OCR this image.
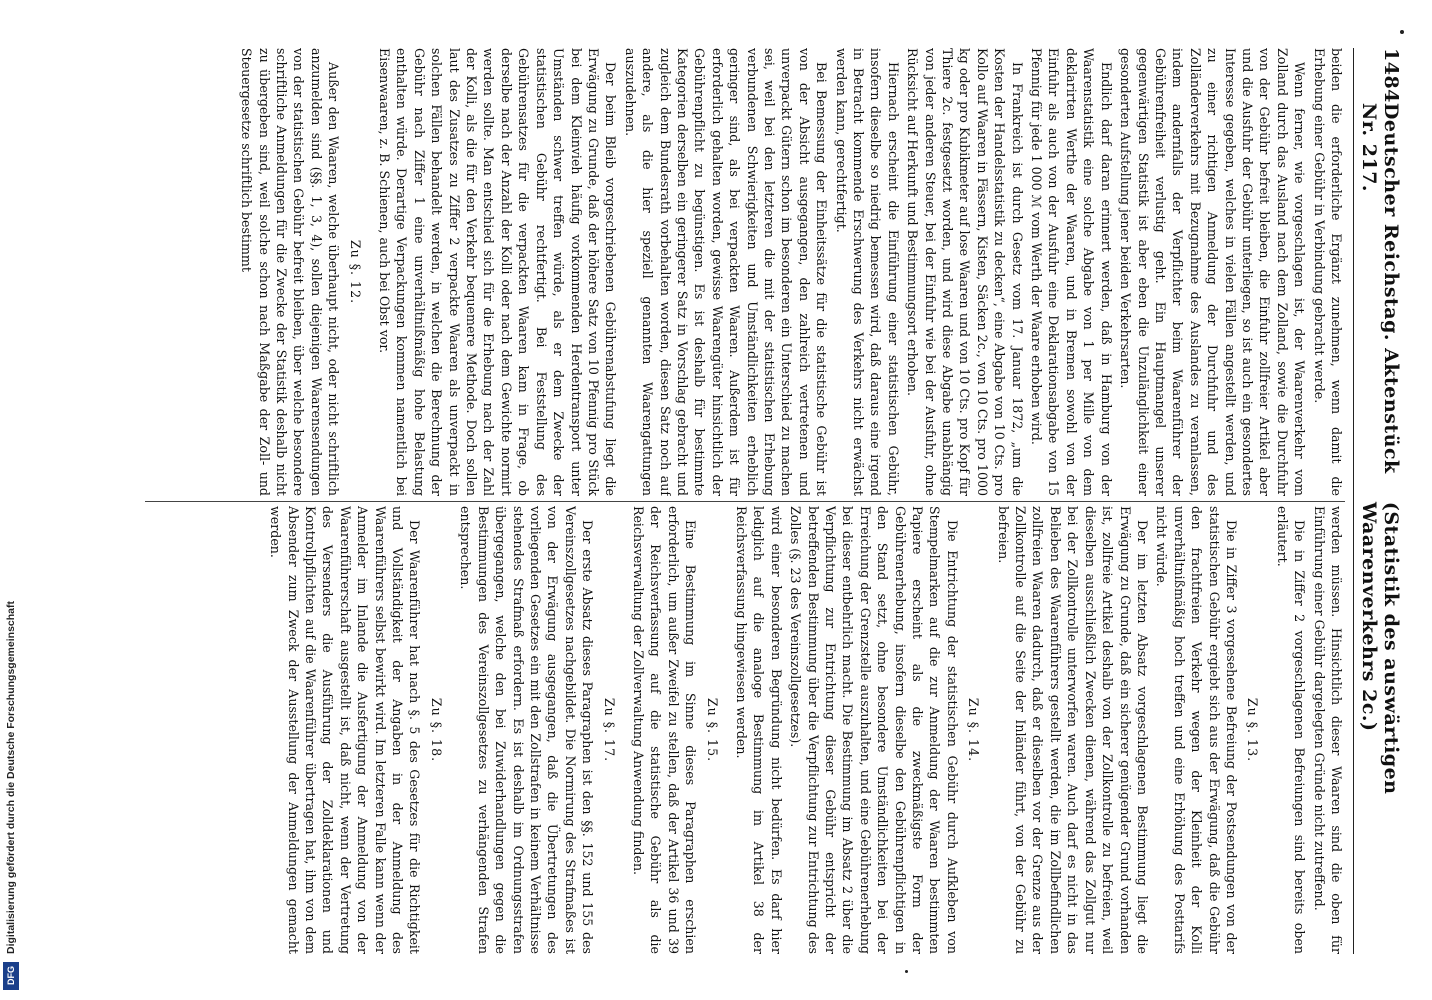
Digitalisierung gefördert durch die Deutsche Forschungsgemeinschaft
DFG
1484
Deutscher Reichstag. Aktenstück Nr. 217.
(Statistik des auswärtigen Waarenverkehrs 2c.)

beiden die erforderliche Ergänzt zunehmen, wenn damit die Erhebung einer Gebühr in Verbindung gebracht werde.

Wenn ferner, wie vorgeschlagen ist, der Waarenverkehr vom Zolland durch das Ausland nach dem Zolland, sowie die Durchfuhr von der Gebühr befreit bleiben, die Einfuhr zollfreier Artikel aber und die Ausfuhr der Gebühr unterliegen, so ist auch ein gesondertes Interesse gegeben, welches in vielen Fällen angestellt werden, und zu einer richtigen Anmeldung der Durchfuhr und des Zolländerverkehrs mit Bezugnahme des Auslandes zu veranlassen, indem andernfalls der Verpflichter beim Waarenführer der Gebührenfreiheit verlustig geht. Ein Hauptmangel unserer gegenwärtigen Statistik ist aber eben die Unzulänglichkeit einer gesonderten Aufstellung jener beiden Verkehrsarten.

Endlich darf daran erinnert werden, daß in Hamburg von der Waarenstatistik eine solche Abgabe von 1 per Mille von dem deklarirten Werthe der Waaren, und in Bremen sowohl von der Einfuhr als auch von der Ausfuhr eine Deklarationsabgabe von 15 Pfennig für jede 1 000 ℳ vom Werth der Waare erhoben wird.

In Frankreich ist durch Gesetz vom 17. Januar 1872, „um die Kosten der Handelsstatistik zu decken“, eine Abgabe von 10 Cts. pro Kollo auf Waaren in Fässern, Kisten, Säcken 2c., von 10 Cts. pro 1000 kg oder pro Kubikmeter auf lose Waaren und von 10 Cts. pro Kopf für Thiere 2c. festgesetzt worden, und wird diese Abgabe unabhängig von jeder anderen Steuer, bei der Einfuhr wie bei der Ausfuhr, ohne Rücksicht auf Herkunft und Bestimmungsort erhoben.

Hiernach erscheint die Einführung einer statistischen Gebühr, insofern dieselbe so niedrig bemessen wird, daß daraus eine irgend in Betracht kommende Erschwerung des Verkehrs nicht erwächst werden kann, gerechtfertigt.

Bei Bemessung der Einheitssätze für die statistische Gebühr ist von der Absicht ausgegangen, den zahlreich vertretenen und unverpackt Gütern schon im besonderen ein Unterschied zu machen sei, weil bei den letzteren die mit der statistischen Erhebung verbundenen Schwierigkeiten und Umständlichkeiten erheblich geringer sind, als bei verpackten Waaren. Außerdem ist für erforderlich gehalten worden, gewisse Waarengüter hinsichtlich der Gebührenpflicht zu begünstigen. Es ist deshalb für bestimmte Kategorien derselben ein geringerer Satz in Vorschlag gebracht und zugleich dem Bundesrath vorbehalten worden, diesen Satz noch auf andere, als die hier speziell genannten Waarengattungen auszudehnen.

Der beim Bleib vorgeschriebenen Gebührenabstufung liegt die Erwägung zu Grunde, daß der höhere Satz von 10 Pfennig pro Stück bei dem Kleinvieh häufig vorkommenden Herdentransport unter Umständen schwer treffen würde, als er dem Zwecke der statistischen Gebühr rechtfertigt. Bei Feststellung des Gebührensatzes für die verpackten Waaren kam in Frage, ob derselbe nach der Anzahl der Kolli oder nach dem Gewichte normirt werden sollte. Man entschied sich für die Erhebung nach der Zahl der Kolli, als die für den Verkehr bequemere Methode. Doch sollen laut des Zusatzes zu Ziffer 2 verpackte Waaren als unverpackt in solchen Fällen behandelt werden, in welchen die Berechnung der Gebühr nach Ziffer 1 eine unverhältnißmäßig hohe Belastung enthalten würde. Derartige Verpackungen kommen namentlich bei Eisenwaaren, z. B. Schienen, auch bei Obst vor.

Zu §. 12.

Außer den Waaren, welche überhaupt nicht, oder nicht schriftlich anzumelden sind (§§. 1, 3, 4), sollen diejenigen Waarensendungen von der statistischen Gebühr befreit bleiben, über welche besondere schriftliche Anmeldungen für die Zwecke der Statistik deshalb nicht zu übergeben sind, weil solche schon nach Maßgabe der Zoll- und Steuergesetze schriftlich bestimmt

werden müssen. Hinsichtlich dieser Waaren sind die oben für Einführung einer Gebühr dargelegten Gründe nicht zutreffend.

Die in Ziffer 2 vorgeschlagenen Befreiungen sind bereits oben erläutert.

Zu §. 13.

Die in Ziffer 3 vorgesehene Befreiung der Postsendungen von der statistischen Gebühr ergiebt sich aus der Erwägung, daß die Gebühr den frachtfreien Verkehr wegen der Kleinheit der Kolli unverhältnißmäßig hoch treffen und eine Erhöhung des Posttarifs nicht würde.

Der im letzten Absatz vorgeschlagenen Bestimmung liegt die Erwägung zu Grunde, daß ein sicherer genügender Grund vorhanden ist, zollfreie Artikel deshalb von der Zollkontrolle zu befreien, weil dieselben ausschließlich Zwecken dienen, während das Zollgut nur bei der Zollkontrolle unterworfen waren. Auch darf es nicht in das Belieben des Waarenführers gestellt werden, die im Zollbefindlichen zollfreien Waaren dadurch, daß er dieselben vor der Grenze aus der Zollkontrolle auf die Seite der Inländer führt, von der Gebühr zu befreien.

Zu §. 14.

Die Entrichtung der statistischen Gebühr durch Aufkleben von Stempelmarken auf die zur Anmeldung der Waaren bestimmten Papiere erscheint als die zweckmäßigste Form der Gebührenerhebung, insofern dieselbe den Gebührenpflichtigen in den Stand setzt, ohne besondere Umständlichkeiten bei der Erreichung der Grenzstelle auszuhalten, und eine Gebührenerhebung bei dieser entbehrlich macht. Die Bestimmung im Absatz 2 über die Verpflichtung zur Entrichtung dieser Gebühr entspricht der betreffenden Bestimmung über die Verpflichtung zur Entrichtung des Zolles (§. 23 des Vereinszollgesetzes).

wird einer besonderen Begründung nicht bedürfen. Es darf hier lediglich auf die analoge Bestimmung im Artikel 38 der Reichsverfassung hingewiesen werden.

Zu §. 15.

Eine Bestimmung im Sinne dieses Paragraphen erschien erforderlich, um außer Zweifel zu stellen, daß der Artikel 36 und 39 der Reichsverfassung auf die statistische Gebühr als die Reichsverwaltung der Zollverwaltung Anwendung finden.

Zu §. 17.

Der erste Absatz dieses Paragraphen ist den §§. 152 und 155 des Vereinszollgesetzes nachgebildet. Die Normirung des Strafmaßes ist von der Erwägung ausgegangen, daß die Übertretungen des vorliegenden Gesetzes ein mit den Zollstrafen in keinem Verhältnisse stehendes Strafmaß erfordern. Es ist deshalb im Ordnungsstrafen übergegangen, welche den bei Zuwiderhandlungen gegen die Bestimmungen des Vereinszollgesetzes zu verhängenden Strafen entsprechen.

Zu §. 18.

Der Waarenführer hat nach §. 5 des Gesetzes für die Richtigkeit und Vollständigkeit der Angaben in der Anmeldung des Waarenführers selbst bewirkt wird. Im letzteren Falle kann wenn der Anmelder im Inlande die Ausfertigung der Anmeldung von der Waarenführerschaft ausgestellt ist, daß nicht, wenn der Vertretung des Versenders die Ausführung der Zolldeklarationen und Kontrollpflichten auf die Waarenführer übertragen hat, ihm von dem Absender zum Zweck der Ausstellung der Anmeldungen gemacht werden.
